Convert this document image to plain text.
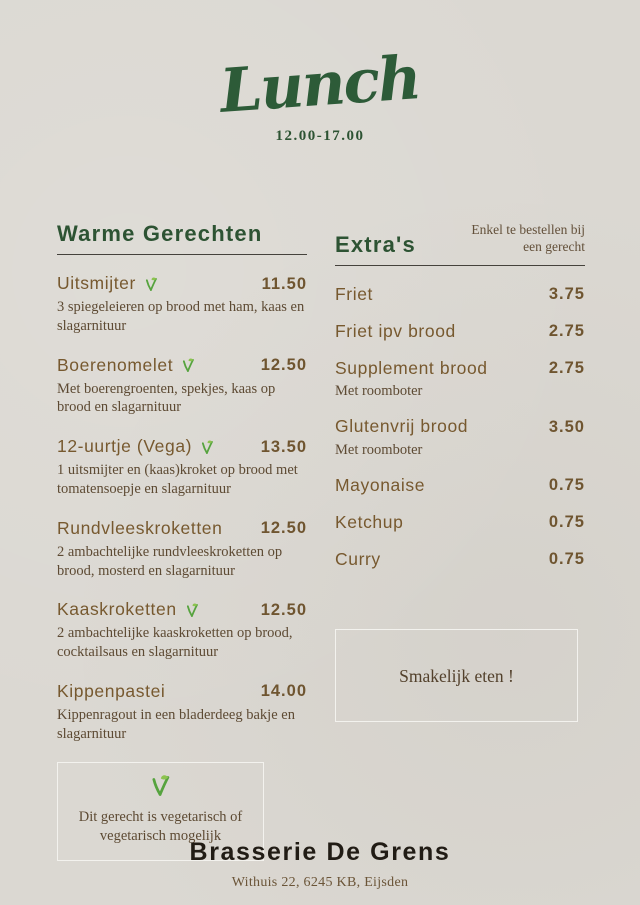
Lunch
12.00-17.00
Warme Gerechten
Uitsmijter	11.50
3 spiegeleieren op brood met ham, kaas en slagarnituur
Boerenomelet	12.50
Met boerengroenten, spekjes, kaas op brood en slagarnituur
12-uurtje (Vega)	13.50
1 uitsmijter en (kaas)kroket op brood met tomatensoepje en slagarnituur
Rundvleeskroketten 12.50
2 ambachtelijke rundvleeskroketten op brood, mosterd en slagarnituur
Kaaskroketten	12.50
2 ambachtelijke kaaskroketten op brood, cocktailsaus en slagarnituur
Kippenpastei	14.00
Kippenragout in een bladerdeeg bakje en slagarnituur
Dit gerecht is vegetarisch of vegetarisch mogelijk
Extra's
Enkel te bestellen bij een gerecht
Friet	3.75
Friet ipv brood	2.75
Supplement brood	2.75
Met roomboter
Glutenvrij brood	3.50
Met roomboter
Mayonaise	0.75
Ketchup	0.75
Curry	0.75
Smakelijk eten !
Brasserie De Grens
Withuis 22, 6245 KB, Eijsden
